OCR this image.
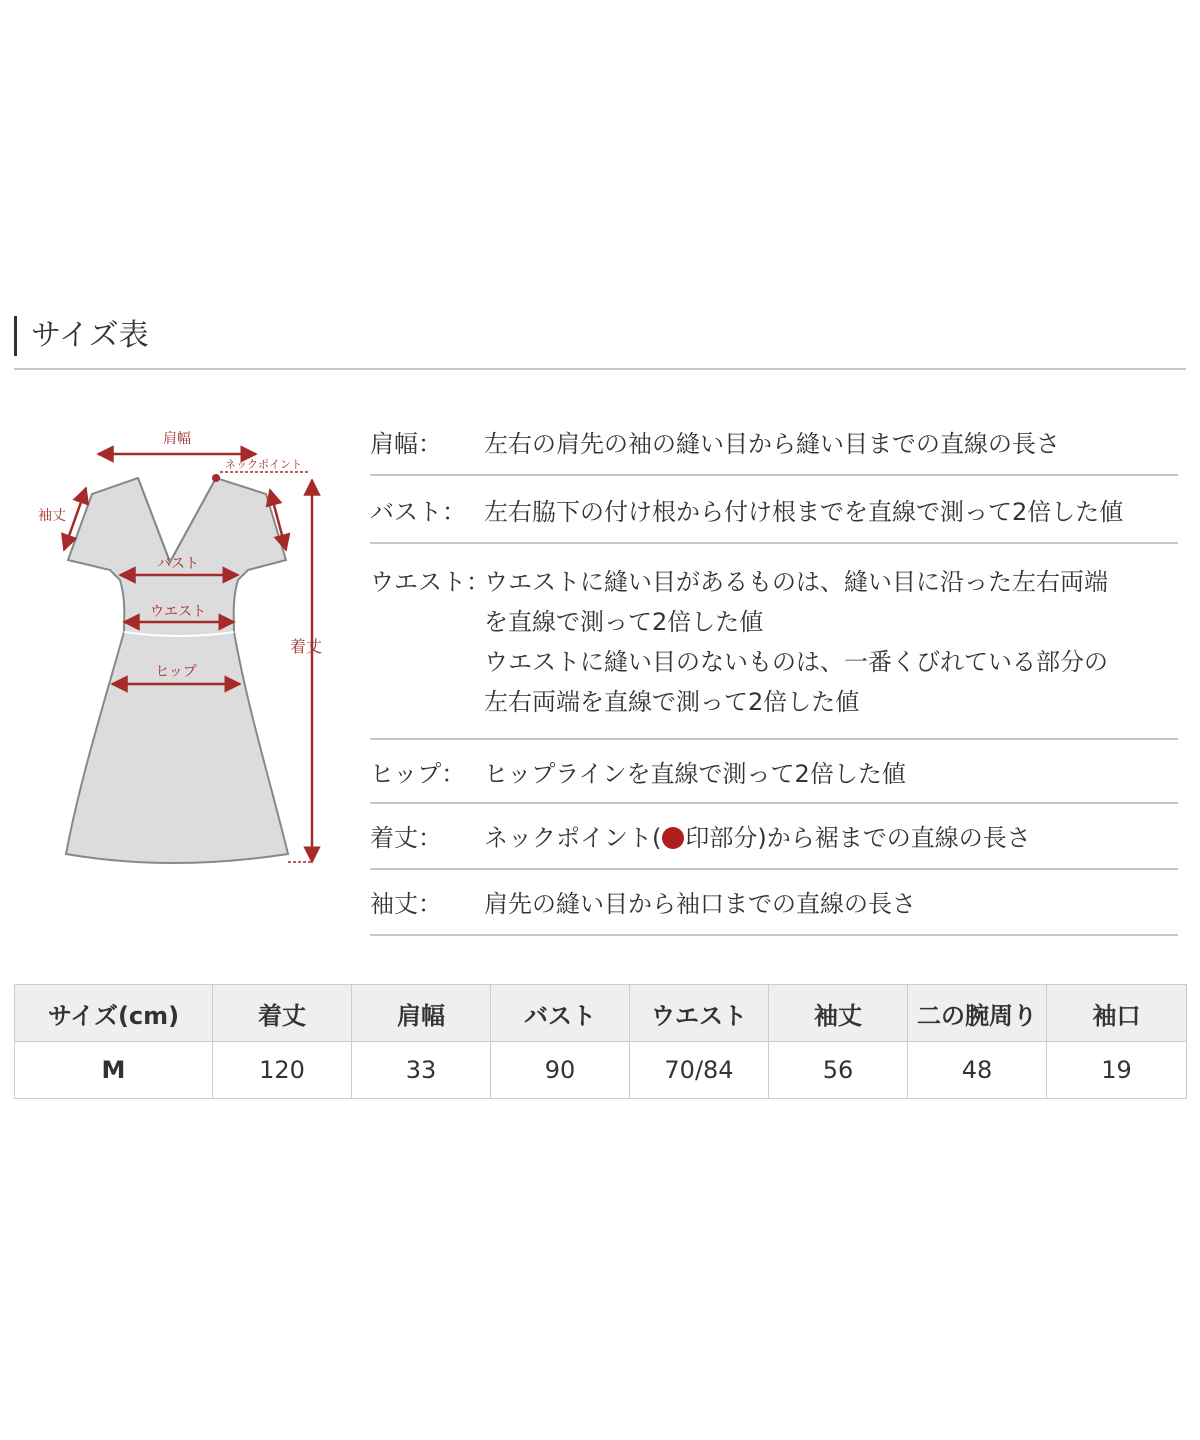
サイズ表
肩幅
ネックポイント
袖丈
バスト
ウエスト
ヒップ
着丈
肩幅： 左右の肩先の袖の縫い目から縫い目までの直線の長さ
バスト： 左右脇下の付け根から付け根までを直線で測って2倍した値
ウエスト：
ウエストに縫い目があるものは、縫い目に沿った左右両端
を直線で測って2倍した値
ウエストに縫い目のないものは、一番くびれている部分の
左右両端を直線で測って2倍した値
ヒップ： ヒップラインを直線で測って2倍した値
着丈： ネックポイント( 印部分)から裾までの直線の長さ
袖丈： 肩先の縫い目から袖口までの直線の長さ
サイズ(cm)	着丈	肩幅	バスト	ウエスト	袖丈	二の腕周り	袖口
M	120	33	90	70/84	56	48	19
